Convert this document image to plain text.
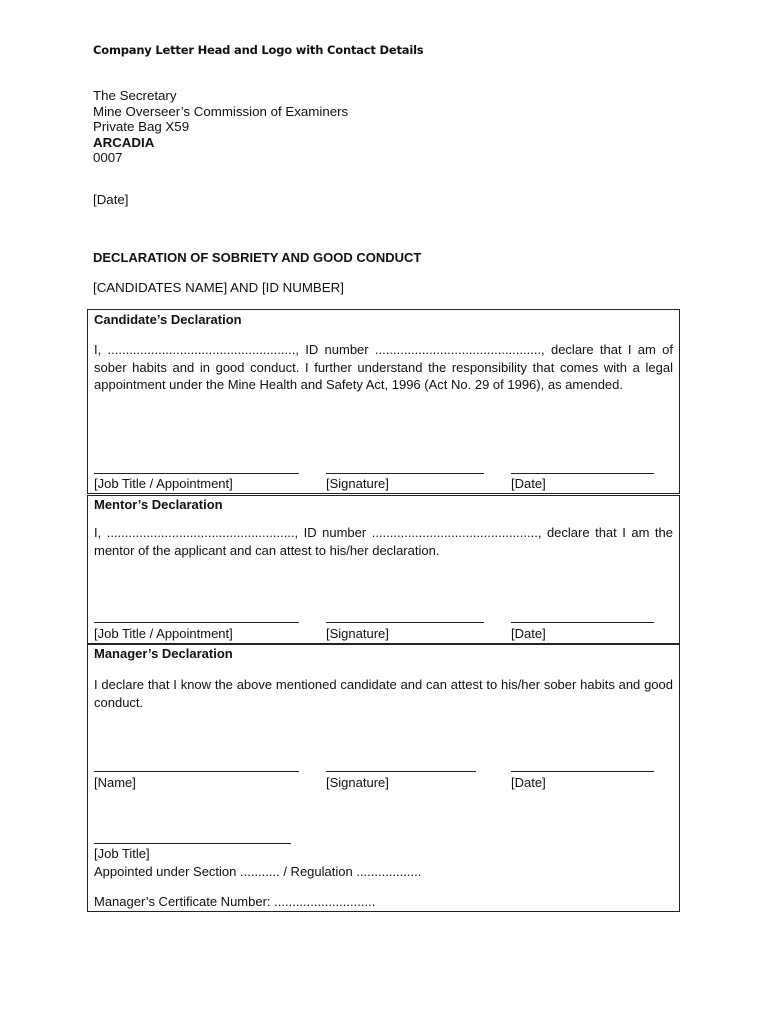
Company Letter Head and Logo with Contact Details
The Secretary
Mine Overseer’s Commission of Examiners
Private Bag X59
ARCADIA
0007
[Date]
DECLARATION OF SOBRIETY AND GOOD CONDUCT
[CANDIDATES NAME] AND [ID NUMBER]
Candidate’s Declaration
I, ...................................................., ID number .............................................., declare that I am of sober habits and in good conduct. I further understand the responsibility that comes with a legal appointment under the Mine Health and Safety Act, 1996 (Act No. 29 of 1996), as amended.
[Job Title / Appointment]	[Signature]	[Date]
Mentor’s Declaration
I, ...................................................., ID number .............................................., declare that I am the mentor of the applicant and can attest to his/her declaration.
[Job Title / Appointment]	[Signature]	[Date]
Manager’s Declaration
I declare that I know the above mentioned candidate and can attest to his/her sober habits and good conduct.
[Name]	[Signature]	[Date]
[Job Title]
Appointed under Section ........... / Regulation ..................
Manager’s Certificate Number: ............................
